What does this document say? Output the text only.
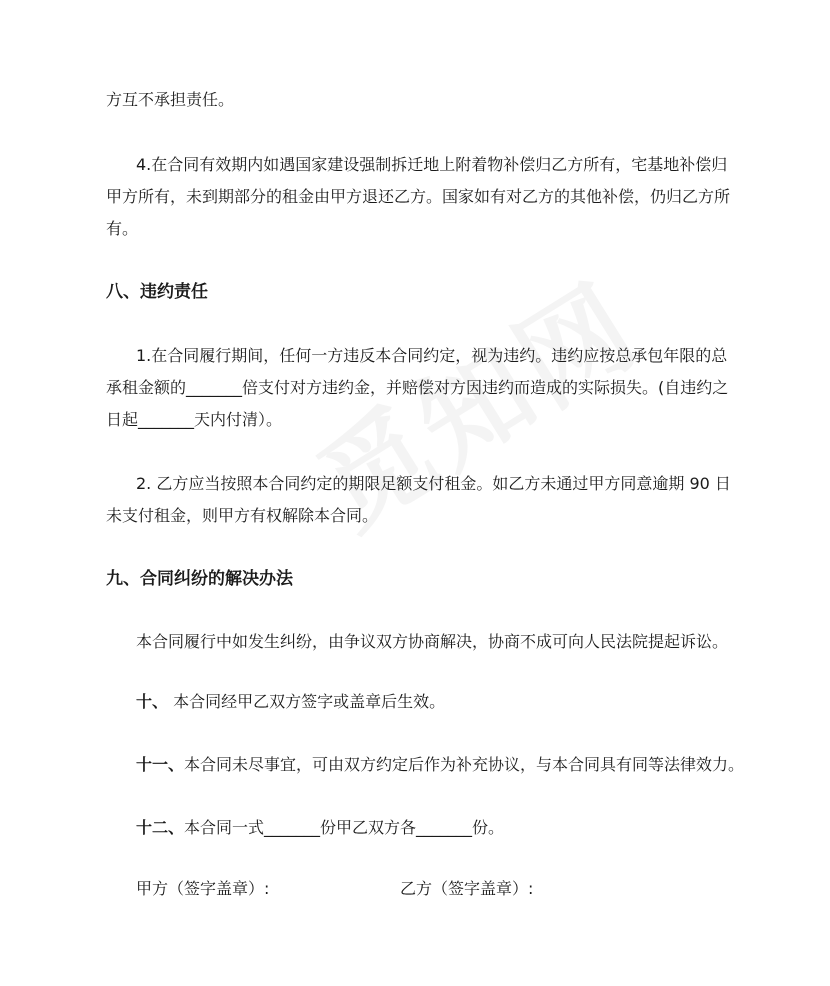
方互不承担责任。

4.在合同有效期内如遇国家建设强制拆迁地上附着物补偿归乙方所有，宅基地补偿归

甲方所有，未到期部分的租金由甲方退还乙方。国家如有对乙方的其他补偿，仍归乙方所

有。

八、违约责任

1.在合同履行期间，任何一方违反本合同约定，视为违约。违约应按总承包年限的总

承租金额的_______倍支付对方违约金，并赔偿对方因违约而造成的实际损失。(自违约之

日起_______天内付清）。

2. 乙方应当按照本合同约定的期限足额支付租金。如乙方未通过甲方同意逾期 90 日

未支付租金，则甲方有权解除本合同。

九、合同纠纷的解决办法

本合同履行中如发生纠纷，由争议双方协商解决，协商不成可向人民法院提起诉讼。

十、 本合同经甲乙双方签字或盖章后生效。

十一、本合同未尽事宜，可由双方约定后作为补充协议，与本合同具有同等法律效力。

十二、本合同一式_______份甲乙双方各_______份。

甲方（签字盖章）:	乙方（签字盖章）:
